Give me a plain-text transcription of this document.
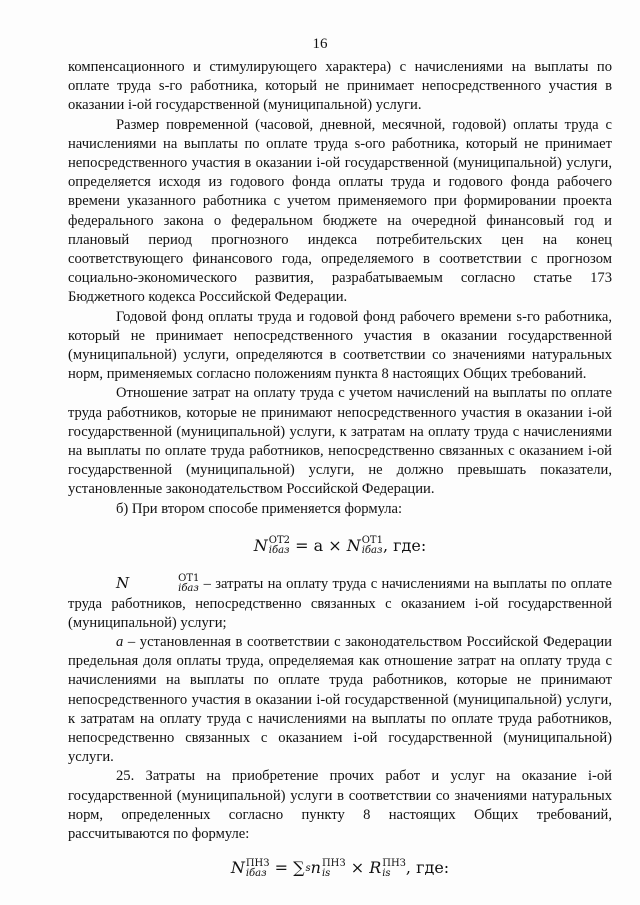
16

компенсационного и стимулирующего характера) с начислениями на выплаты по оплате труда s-го работника, который не принимает непосредственного участия в оказании i-ой государственной (муниципальной) услуги.

Размер повременной (часовой, дневной, месячной, годовой) оплаты труда с начислениями на выплаты по оплате труда s-ого работника, который не принимает непосредственного участия в оказании i-ой государственной (муниципальной) услуги, определяется исходя из годового фонда оплаты труда и годового фонда рабочего времени указанного работника с учетом применяемого при формировании проекта федерального закона о федеральном бюджете на очередной финансовый год и плановый период прогнозного индекса потребительских цен на конец соответствующего финансового года, определяемого в соответствии с прогнозом социально-экономического развития, разрабатываемым согласно статье 173 Бюджетного кодекса Российской Федерации.

Годовой фонд оплаты труда и годовой фонд рабочего времени s-го работника, который не принимает непосредственного участия в оказании государственной (муниципальной) услуги, определяются в соответствии со значениями натуральных норм, применяемых согласно положениям пункта 8 настоящих Общих требований.

Отношение затрат на оплату труда с учетом начислений на выплаты по оплате труда работников, которые не принимают непосредственного участия в оказании i-ой государственной (муниципальной) услуги, к затратам на оплату труда с начислениями на выплаты по оплате труда работников, непосредственно связанных с оказанием i-ой государственной (муниципальной) услуги, не должно превышать показатели, установленные законодательством Российской Федерации.

б) При втором способе применяется формула:

N ОТ2
iбаз = a × N ОТ1
iбаз , где:

N	ОТ1
iбаз – затраты на оплату труда с начислениями на выплаты по оплате труда работников, непосредственно связанных с оказанием i-ой государственной (муниципальной) услуги;

a – установленная в соответствии с законодательством Российской Федерации предельная доля оплаты труда, определяемая как отношение затрат на оплату труда с начислениями на выплаты по оплате труда работников, которые не принимают непосредственного участия в оказании i-ой государственной (муниципальной) услуги, к затратам на оплату труда с начислениями на выплаты по оплате труда работников, непосредственно связанных с оказанием i-ой государственной (муниципальной) услуги.

25. Затраты на приобретение прочих работ и услуг на оказание i-ой государственной (муниципальной) услуги в соответствии со значениями натуральных норм, определенных согласно пункту 8 настоящих Общих требований, рассчитываются по формуле:

N ПНЗ
iбаз = ∑ s n ПНЗ
is × R ПНЗ
is , где:
